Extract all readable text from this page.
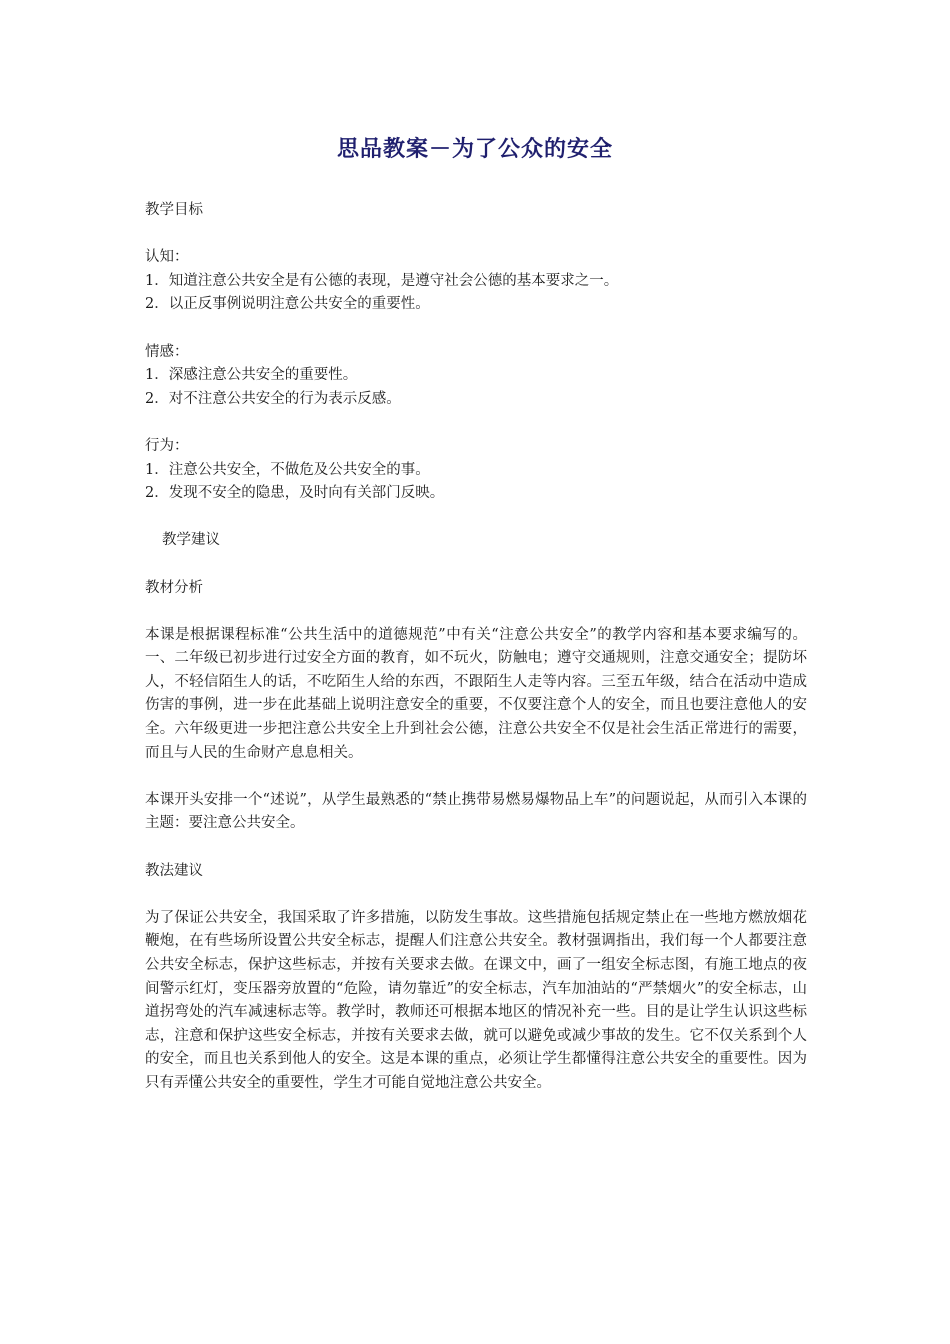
思品教案－为了公众的安全
教学目标
认知：
1．知道注意公共安全是有公德的表现，是遵守社会公德的基本要求之一。
2．以正反事例说明注意公共安全的重要性。
情感：
1．深感注意公共安全的重要性。
2．对不注意公共安全的行为表示反感。
行为：
1．注意公共安全，不做危及公共安全的事。
2．发现不安全的隐患，及时向有关部门反映。
教学建议
教材分析
本课是根据课程标准“公共生活中的道德规范”中有关“注意公共安全”的教学内容和基本要求编写的。一、二年级已初步进行过安全方面的教育，如不玩火，防触电；遵守交通规则，注意交通安全；提防坏人，不轻信陌生人的话，不吃陌生人给的东西，不跟陌生人走等内容。三至五年级，结合在活动中造成伤害的事例，进一步在此基础上说明注意安全的重要，不仅要注意个人的安全，而且也要注意他人的安全。六年级更进一步把注意公共安全上升到社会公德，注意公共安全不仅是社会生活正常进行的需要，而且与人民的生命财产息息相关。
本课开头安排一个“述说”，从学生最熟悉的“禁止携带易燃易爆物品上车”的问题说起，从而引入本课的主题：要注意公共安全。
教法建议
为了保证公共安全，我国采取了许多措施，以防发生事故。这些措施包括规定禁止在一些地方燃放烟花鞭炮，在有些场所设置公共安全标志，提醒人们注意公共安全。教材强调指出，我们每一个人都要注意公共安全标志，保护这些标志，并按有关要求去做。在课文中，画了一组安全标志图，有施工地点的夜间警示红灯，变压器旁放置的“危险，请勿靠近”的安全标志，汽车加油站的“严禁烟火”的安全标志，山道拐弯处的汽车减速标志等。教学时，教师还可根据本地区的情况补充一些。目的是让学生认识这些标志，注意和保护这些安全标志，并按有关要求去做，就可以避免或减少事故的发生。它不仅关系到个人的安全，而且也关系到他人的安全。这是本课的重点，必须让学生都懂得注意公共安全的重要性。因为只有弄懂公共安全的重要性，学生才可能自觉地注意公共安全。
